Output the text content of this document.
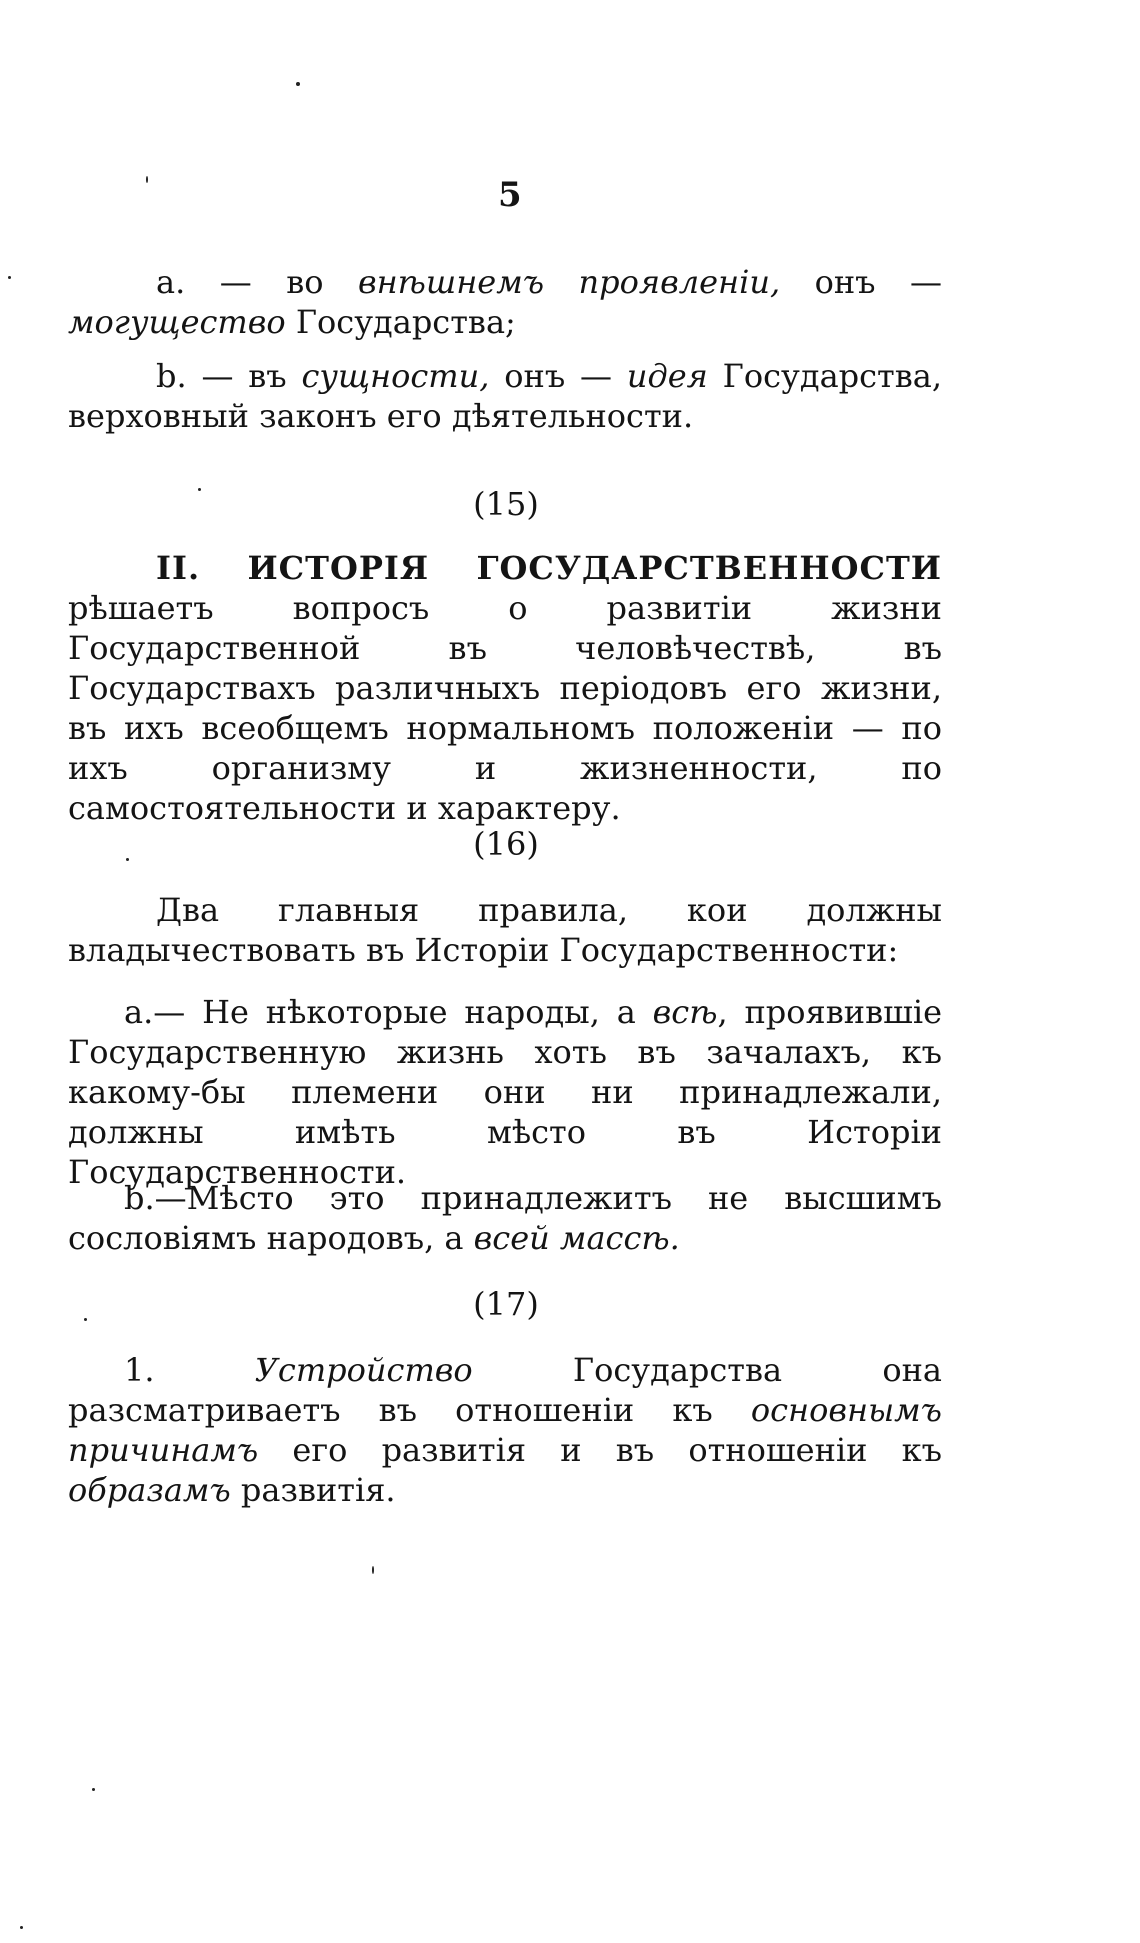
5
a. — во внѣшнемъ проявленіи, онъ — могущество Государства;
b. — въ сущности, онъ — идея Государства, верховный законъ его дѣятельности.
(15)
II. ИСТОРІЯ ГОСУДАРСТВЕННОСТИ рѣшаетъ вопросъ о развитіи жизни Государственной въ человѣчествѣ, въ Государствахъ различныхъ періодовъ его жизни, въ ихъ всеобщемъ нормальномъ положеніи — по ихъ организму и жизненности, по самостоятельности и характеру.
(16)
Два главныя правила, кои должны владычествовать въ Исторіи Государственности:
a.— Не нѣкоторые народы, а всѣ, проявившіе Государственную жизнь хоть въ зачалахъ, къ какому-бы племени они ни принадлежали, должны имѣть мѣсто въ Исторіи Государственности.
b.—Мѣсто это принадлежитъ не высшимъ сословіямъ народовъ, а всей массѣ.
(17)
1. Устройство Государства она разсматриваетъ въ отношеніи къ основнымъ причинамъ его развитія и въ отношеніи къ образамъ развитія.
